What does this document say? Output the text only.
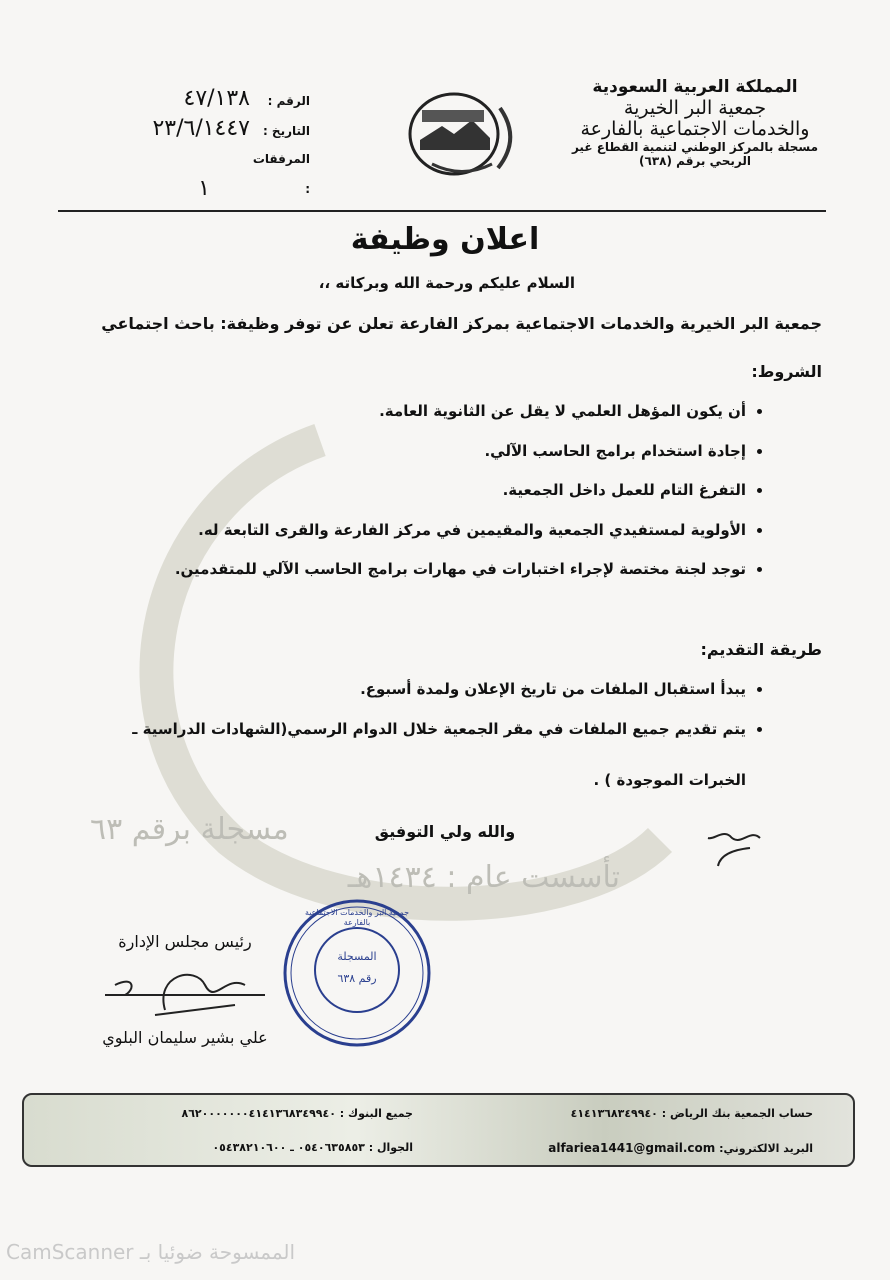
المملكة العربية السعودية
جمعية البر الخيرية
والخدمات الاجتماعية بالفارعة
مسجلة بالمركز الوطني لتنمية القطاع غير
الربحي برقم (٦٣٨)
الرقم :
٤٧/١٣٨
التاريخ :
٢٣/٦/١٤٤٧
المرفقات :
١
اعلان وظيفة
السلام عليكم ورحمة الله وبركاته ،،
جمعية البر الخيرية والخدمات الاجتماعية بمركز الفارعة تعلن عن توفر وظيفة: باحث اجتماعي
الشروط:
• أن يكون المؤهل العلمي لا يقل عن الثانوية العامة.
• إجادة استخدام برامج الحاسب الآلي.
• التفرغ التام للعمل داخل الجمعية.
• الأولوية لمستفيدي الجمعية والمقيمين في مركز الفارعة والقرى التابعة له.
• توجد لجنة مختصة لإجراء اختبارات في مهارات برامج الحاسب الآلي للمتقدمين.
طريقة التقديم:
• يبدأ استقبال الملفات من تاريخ الإعلان ولمدة أسبوع.
• يتم تقديم جميع الملفات في مقر الجمعية خلال الدوام الرسمي(الشهادات الدراسية ـ
الخبرات الموجودة ) .
مسجلة برقم ٦٣
تأسست عام : ١٤٣٤هـ
والله ولي التوفيق
رئيس مجلس الإدارة
علي بشير سليمان البلوي
جمعية البر والخدمات الاجتماعية بالفارعة
المسجلة
رقم ٦٣٨
حساب الجمعية بنك الرياض : ٤١٤١٣٦٨٣٤٩٩٤٠
جميع البنوك : ٨٦٢٠٠٠٠٠٠٠٤١٤١٣٦٨٣٤٩٩٤٠
البريد الالكتروني: alfariea1441@gmail.com
الجوال : ٠٥٤٠٦٣٥٨٥٣ ـ ٠٥٤٣٨٢١٠٦٠٠
الممسوحة ضوئيا بـ CamScanner
